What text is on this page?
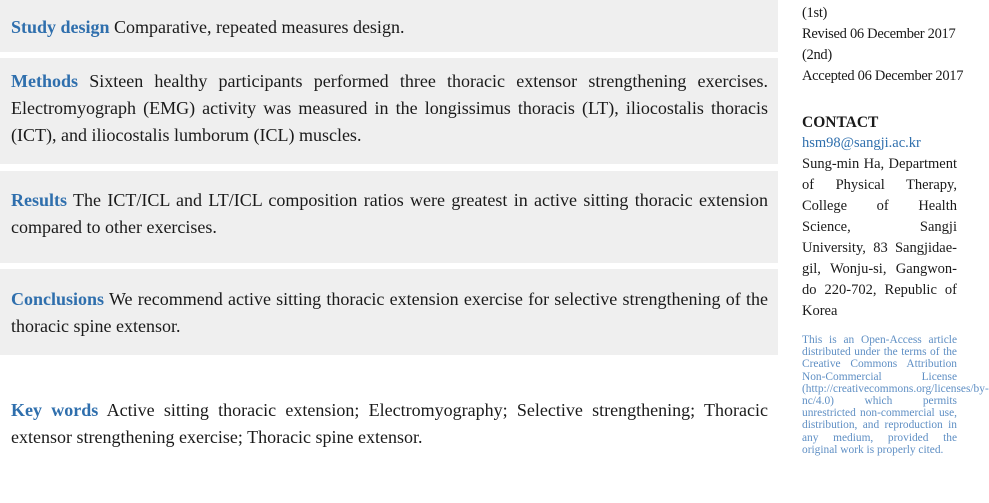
Study design Comparative, repeated measures design.
Methods Sixteen healthy participants performed three thoracic extensor strengthening exercises. Electromyograph (EMG) activity was measured in the longissimus thoracis (LT), iliocostalis thoracis (ICT), and iliocostalis lumborum (ICL) muscles.
Results The ICT/ICL and LT/ICL composition ratios were greatest in active sitting thoracic extension compared to other exercises.
Conclusions We recommend active sitting thoracic extension exercise for selective strengthening of the thoracic spine extensor.
Key words Active sitting thoracic extension; Electromyography; Selective strengthening; Thoracic extensor strengthening exercise; Thoracic spine extensor.
(1st)
Revised 06 December 2017
(2nd)
Accepted 06 December 2017
CONTACT
hsm98@sangji.ac.kr
Sung-min Ha, Department of Physical Therapy, College of Health Science, Sangji University, 83 Sangjidae-gil, Wonju-si, Gangwon-do 220-702, Republic of Korea
This is an Open-Access article distributed under the terms of the Creative Commons Attribution Non-Commercial License (http://creativecommons.org/licenses/by-nc/4.0) which permits unrestricted non-commercial use, distribution, and reproduction in any medium, provided the original work is properly cited.
